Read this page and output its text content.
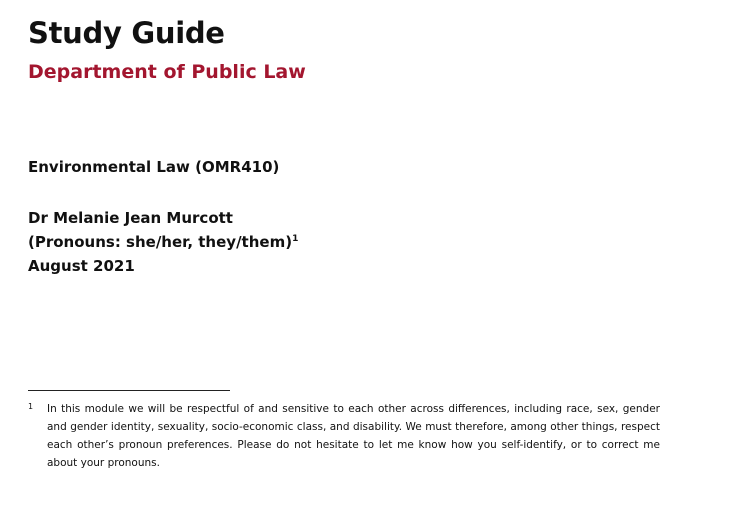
Study Guide
Department of Public Law
Environmental Law (OMR410)
Dr Melanie Jean Murcott
(Pronouns: she/her, they/them)$^1$
August 2021
1 In this module we will be respectful of and sensitive to each other across differences, including race, sex, gender and gender identity, sexuality, socio-economic class, and disability. We must therefore, among other things, respect each other’s pronoun preferences. Please do not hesitate to let me know how you self-identify, or to correct me about your pronouns.
